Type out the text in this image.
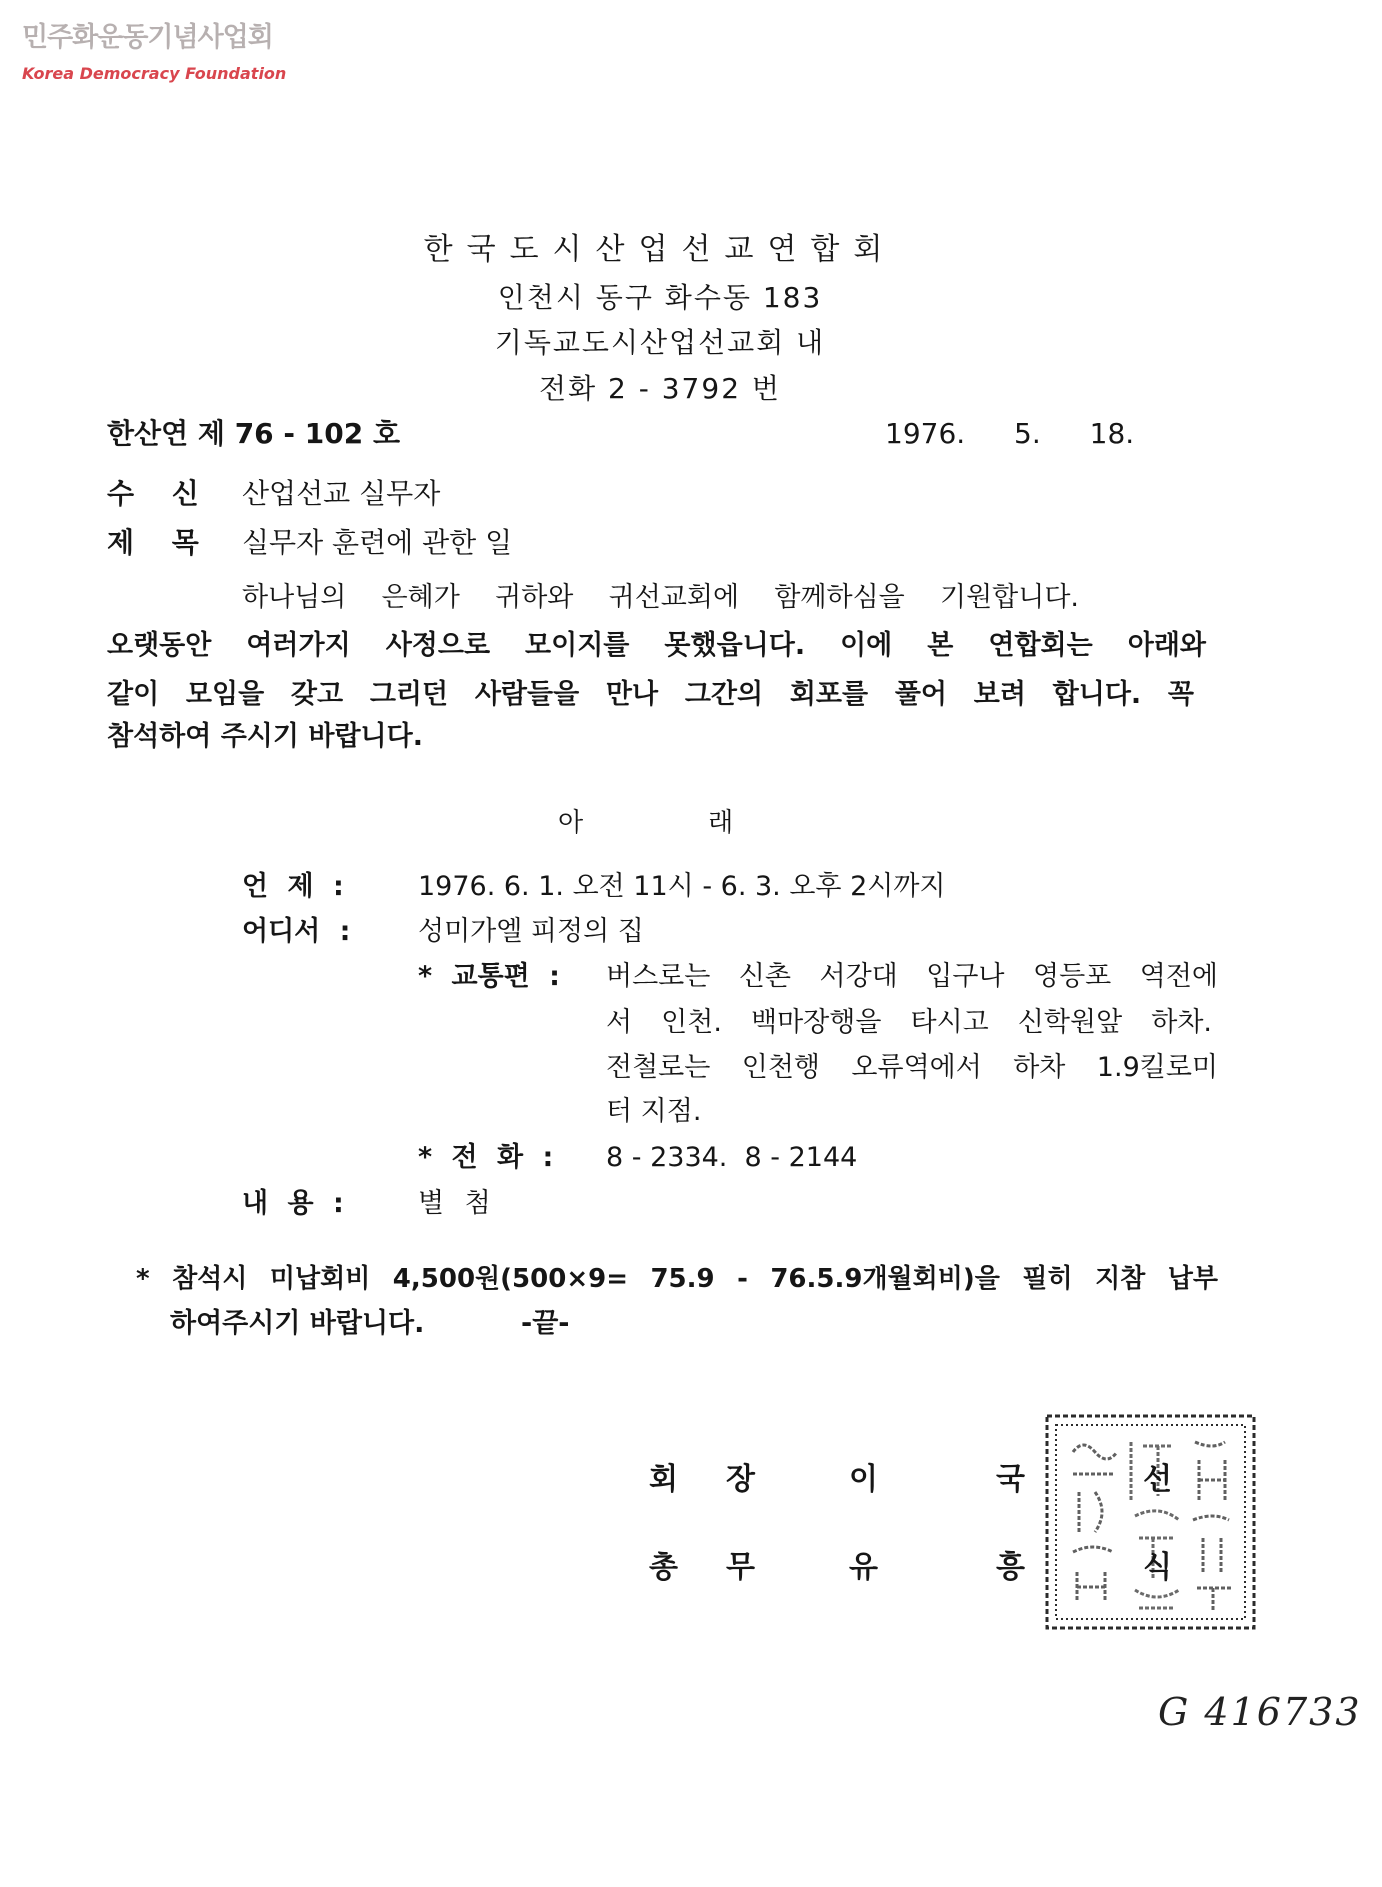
민주화운동기념사업회
Korea Democracy Foundation
한국도시산업선교연합회
인천시 동구 화수동 183
기독교도시산업선교회 내
전화 2 - 3792 번
한산연 제 76 - 102 호	1976. 5. 18.
수 신 산업선교 실무자
제 목 실무자 훈련에 관한 일
하나님의 은혜가 귀하와 귀선교회에 함께하심을 기원합니다.
오랫동안 여러가지 사정으로 모이지를 못했읍니다. 이에 본 연합회는 아래와
같이 모임을 갖고 그리던 사람들을 만나 그간의 회포를 풀어 보려 합니다. 꼭
참석하여 주시기 바랍니다.
아래
언 제 :	1976. 6. 1. 오전 11시 - 6. 3. 오후 2시까지
어디서 :	성미가엘 피정의 집
* 교통편 : 버스로는 신촌 서강대 입구나 영등포 역전에
서 인천. 백마장행을 타시고 신학원앞 하차.
전철로는 인천행 오류역에서 하차 1.9킬로미
터 지점.
* 전 화 : 8 - 2334.  8 - 2144
내 용 :	별 첨
* 참석시 미납회비 4,500원(500×9= 75.9 - 76.5.9개월회비)을 필히 지참 납부
하여주시기 바랍니다.	-끝-
회장 이국선
총무 유흥식
G 416733
